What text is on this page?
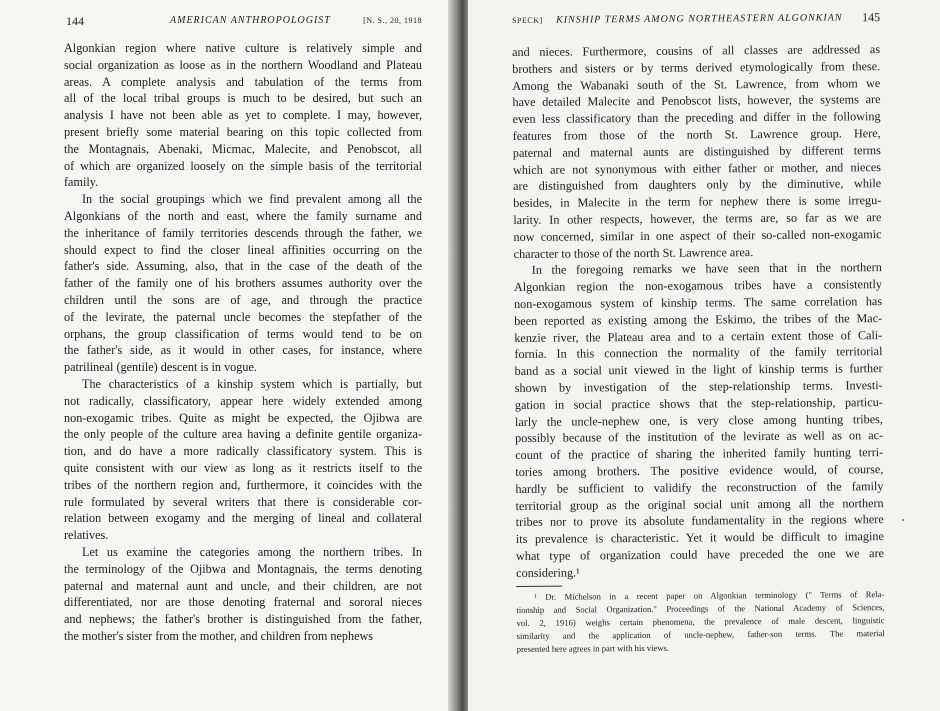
144	AMERICAN ANTHROPOLOGIST	[N. S., 20, 1918
Algonkian region where native culture is relatively simple and
social organization as loose as in the northern Woodland and Plateau
areas. A complete analysis and tabulation of the terms from
all of the local tribal groups is much to be desired, but such an
analysis I have not been able as yet to complete. I may, however,
present briefly some material bearing on this topic collected from
the Montagnais, Abenaki, Micmac, Malecite, and Penobscot, all
of which are organized loosely on the simple basis of the territorial
family.
In the social groupings which we find prevalent among all the
Algonkians of the north and east, where the family surname and
the inheritance of family territories descends through the father, we
should expect to find the closer lineal affinities occurring on the
father's side. Assuming, also, that in the case of the death of the
father of the family one of his brothers assumes authority over the
children until the sons are of age, and through the practice
of the levirate, the paternal uncle becomes the stepfather of the
orphans, the group classification of terms would tend to be on
the father's side, as it would in other cases, for instance, where
patrilineal (gentile) descent is in vogue.
The characteristics of a kinship system which is partially, but
not radically, classificatory, appear here widely extended among
non-exogamic tribes. Quite as might be expected, the Ojibwa are
the only people of the culture area having a definite gentile organiza-
tion, and do have a more radically classificatory system. This is
quite consistent with our view as long as it restricts itself to the
tribes of the northern region and, furthermore, it coincides with the
rule formulated by several writers that there is considerable cor-
relation between exogamy and the merging of lineal and collateral
relatives.
Let us examine the categories among the northern tribes. In
the terminology of the Ojibwa and Montagnais, the terms denoting
paternal and maternal aunt and uncle, and their children, are not
differentiated, nor are those denoting fraternal and sororal nieces
and nephews; the father's brother is distinguished from the father,
the mother's sister from the mother, and children from nephews
SPECK] KINSHIP TERMS AMONG NORTHEASTERN ALGONKIAN 145
and nieces. Furthermore, cousins of all classes are addressed as
brothers and sisters or by terms derived etymologically from these.
Among the Wabanaki south of the St. Lawrence, from whom we
have detailed Malecite and Penobscot lists, however, the systems are
even less classificatory than the preceding and differ in the following
features from those of the north St. Lawrence group. Here,
paternal and maternal aunts are distinguished by different terms
which are not synonymous with either father or mother, and nieces
are distinguished from daughters only by the diminutive, while
besides, in Malecite in the term for nephew there is some irregu-
larity. In other respects, however, the terms are, so far as we are
now concerned, similar in one aspect of their so-called non-exogamic
character to those of the north St. Lawrence area.
In the foregoing remarks we have seen that in the northern
Algonkian region the non-exogamous tribes have a consistently
non-exogamous system of kinship terms. The same correlation has
been reported as existing among the Eskimo, the tribes of the Mac-
kenzie river, the Plateau area and to a certain extent those of Cali-
fornia. In this connection the normality of the family territorial
band as a social unit viewed in the light of kinship terms is further
shown by investigation of the step-relationship terms. Investi-
gation in social practice shows that the step-relationship, particu-
larly the uncle-nephew one, is very close among hunting tribes,
possibly because of the institution of the levirate as well as on ac-
count of the practice of sharing the inherited family hunting terri-
tories among brothers. The positive evidence would, of course,
hardly be sufficient to validify the reconstruction of the family
territorial group as the original social unit among all the northern
tribes nor to prove its absolute fundamentality in the regions where
its prevalence is characteristic. Yet it would be difficult to imagine
what type of organization could have preceded the one we are
considering.¹
¹ Dr. Michelson in a recent paper on Algonkian terminology (" Terms of Rela-
tionship and Social Organization." Proceedings of the National Academy of Sciences,
vol. 2, 1916) weighs certain phenomena, the prevalence of male descent, linguistic
similarity and the application of uncle-nephew, father-son terms. The material
presented here agrees in part with his views.
